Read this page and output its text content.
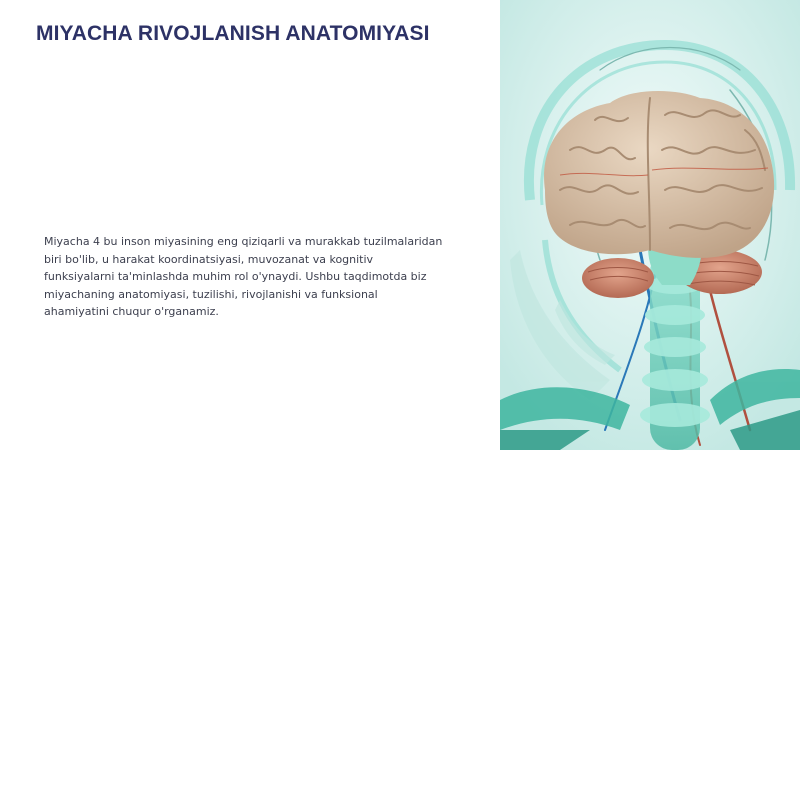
MIYACHA RIVOJLANISH ANATOMIYASI

Miyacha 4 bu inson miyasining eng qiziqarli va murakkab tuzilmalaridan biri bo'lib, u harakat koordinatsiyasi, muvozanat va kognitiv funksiyalarni ta'minlashda muhim rol o'ynaydi. Ushbu taqdimotda biz miyachaning anatomiyasi, tuzilishi, rivojlanishi va funksional ahamiyatini chuqur o'rganamiz.
